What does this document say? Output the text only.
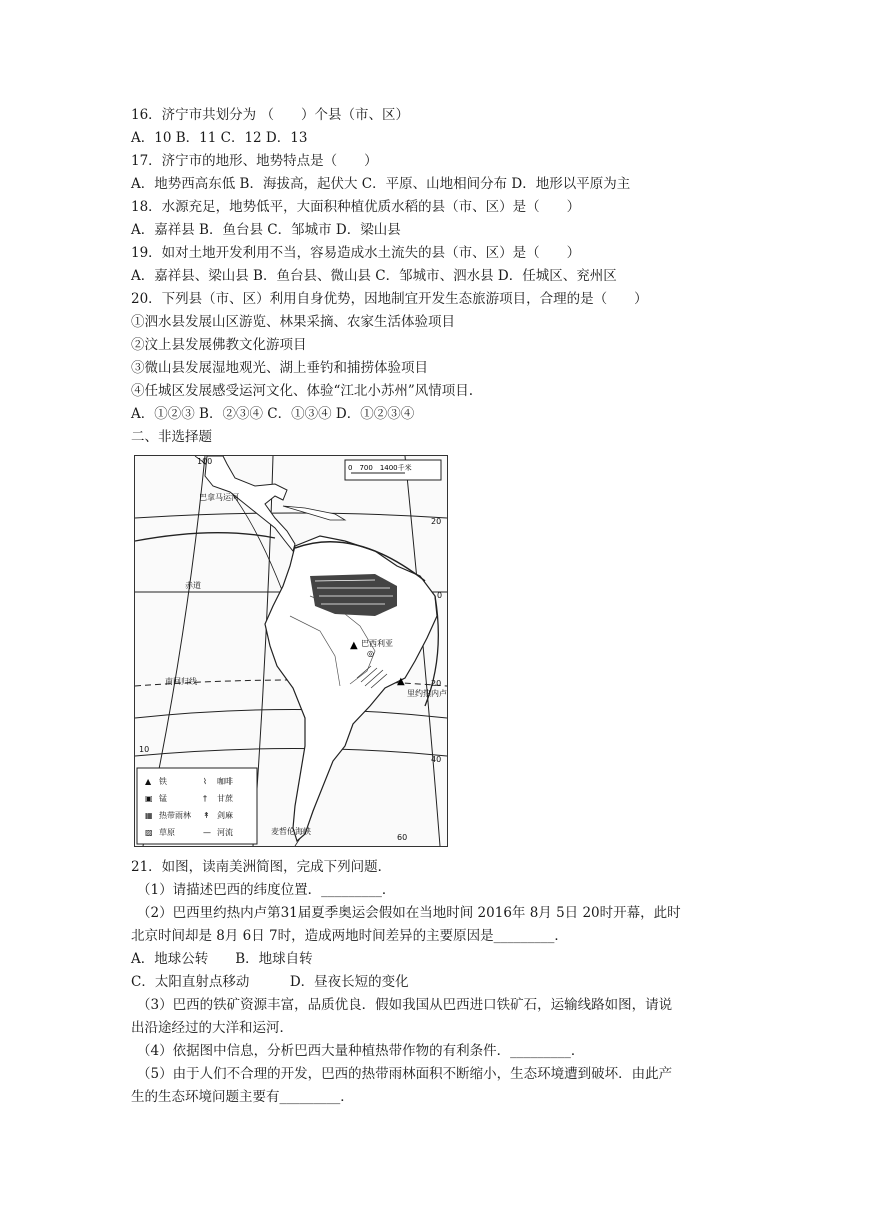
16．济宁市共划分为 （　　）个县（市、区）
A．10 B．11 C．12 D．13
17．济宁市的地形、地势特点是（　　）
A．地势西高东低 B．海拔高，起伏大 C．平原、山地相间分布 D．地形以平原为主
18．水源充足，地势低平，大面积种植优质水稻的县（市、区）是（　　）
A．嘉祥县 B．鱼台县 C．邹城市 D．梁山县
19．如对土地开发利用不当，容易造成水土流失的县（市、区）是（　　）
A．嘉祥县、梁山县 B．鱼台县、微山县 C．邹城市、泗水县 D．任城区、兖州区
20．下列县（市、区）利用自身优势，因地制宜开发生态旅游项目，合理的是（　　）
①泗水县发展山区游览、林果采摘、农家生活体验项目
②汶上县发展佛教文化游项目
③微山县发展湿地观光、湖上垂钓和捕捞体验项目
④任城区发展感受运河文化、体验“江北小苏州”风情项目.
A．①②③ B．②③④ C．①③④ D．①②③④
二、非选择题
0　700　1400千米
▲
▲
◎
100
巴拿马运河
赤道
南回归线
巴西利亚
里约热内卢
麦哲伦海峡
20
0
20
40
60
10
▲ 铁	⌇ 咖啡
▣ 锰	† 甘蔗
▦ 热带雨林 ↟ 剑麻
▨ 草原	— 河流
21．如图，读南美洲简图，完成下列问题．
（1）请描述巴西的纬度位置．_________．
（2）巴西里约热内卢第31届夏季奥运会假如在当地时间 2016年 8月 5日 20时开幕，此时
北京时间却是 8月 6日 7时，造成两地时间差异的主要原因是_________．
A．地球公转　　B．地球自转
C．太阳直射点移动　　　D．昼夜长短的变化
（3）巴西的铁矿资源丰富，品质优良．假如我国从巴西进口铁矿石，运输线路如图，请说
出沿途经过的大洋和运河．
（4）依据图中信息，分析巴西大量种植热带作物的有利条件．_________．
（5）由于人们不合理的开发，巴西的热带雨林面积不断缩小，生态环境遭到破坏．由此产
生的生态环境问题主要有_________．
